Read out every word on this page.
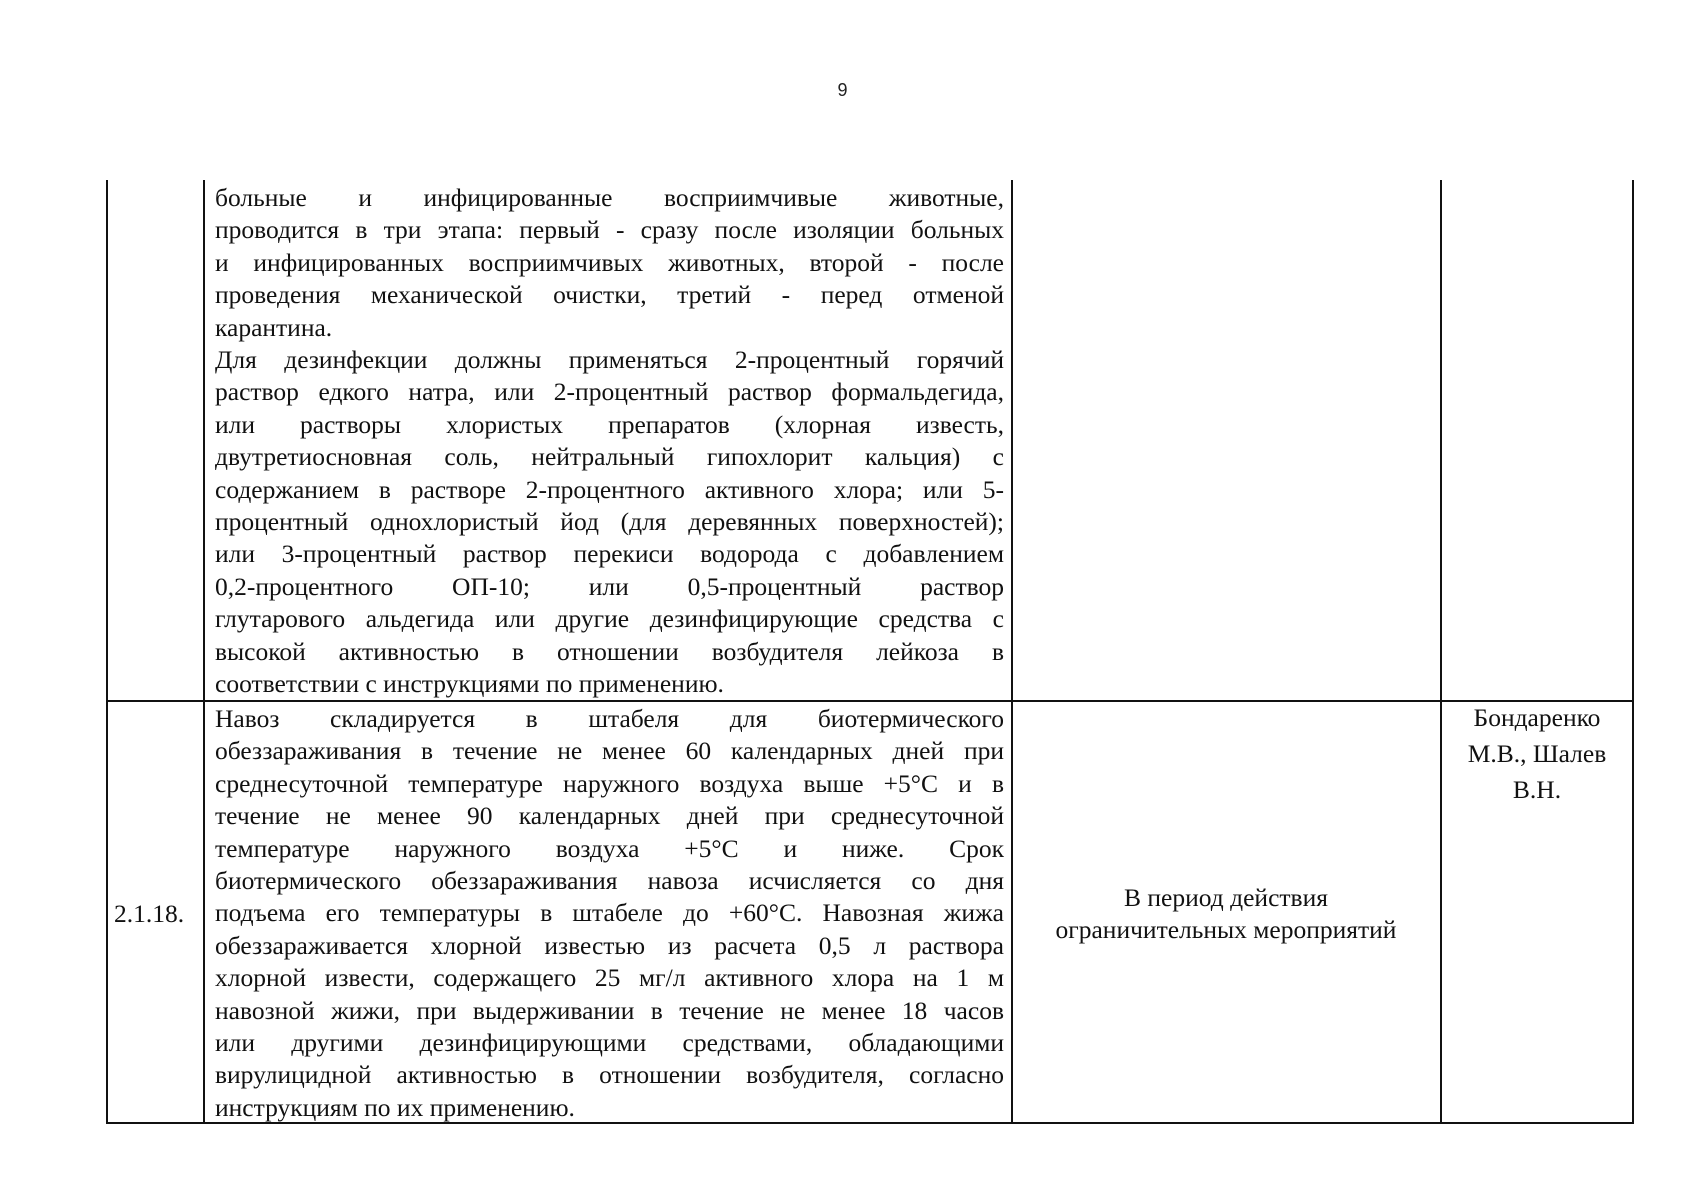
9
больные и инфицированные восприимчивые животные,
проводится в три этапа: первый - сразу после изоляции больных
и инфицированных восприимчивых животных, второй - после
проведения механической очистки, третий - перед отменой
карантина.
Для дезинфекции должны применяться 2-процентный горячий
раствор едкого натра, или 2-процентный раствор формальдегида,
или растворы хлористых препаратов (хлорная известь,
двутретиосновная соль, нейтральный гипохлорит кальция) с
содержанием в растворе 2-процентного активного хлора; или 5-
процентный однохлористый йод (для деревянных поверхностей);
или 3-процентный раствор перекиси водорода с добавлением
0,2-процентного ОП-10; или 0,5-процентный раствор
глутарового альдегида или другие дезинфицирующие средства с
высокой активностью в отношении возбудителя лейкоза в
соответствии с инструкциями по применению.
2.1.18.
Навоз складируется в штабеля для биотермического
обеззараживания в течение не менее 60 календарных дней при
среднесуточной температуре наружного воздуха выше +5°С и в
течение не менее 90 календарных дней при среднесуточной
температуре наружного воздуха +5°С и ниже. Срок
биотермического обеззараживания навоза исчисляется со дня
подъема его температуры в штабеле до +60°С. Навозная жижа
обеззараживается хлорной известью из расчета 0,5 л раствора
хлорной извести, содержащего 25 мг/л активного хлора на 1 м
навозной жижи, при выдерживании в течение не менее 18 часов
или другими дезинфицирующими средствами, обладающими
вирулицидной активностью в отношении возбудителя, согласно
инструкциям по их применению.
В период действия
ограничительных мероприятий
Бондаренко
М.В., Шалев
В.Н.
